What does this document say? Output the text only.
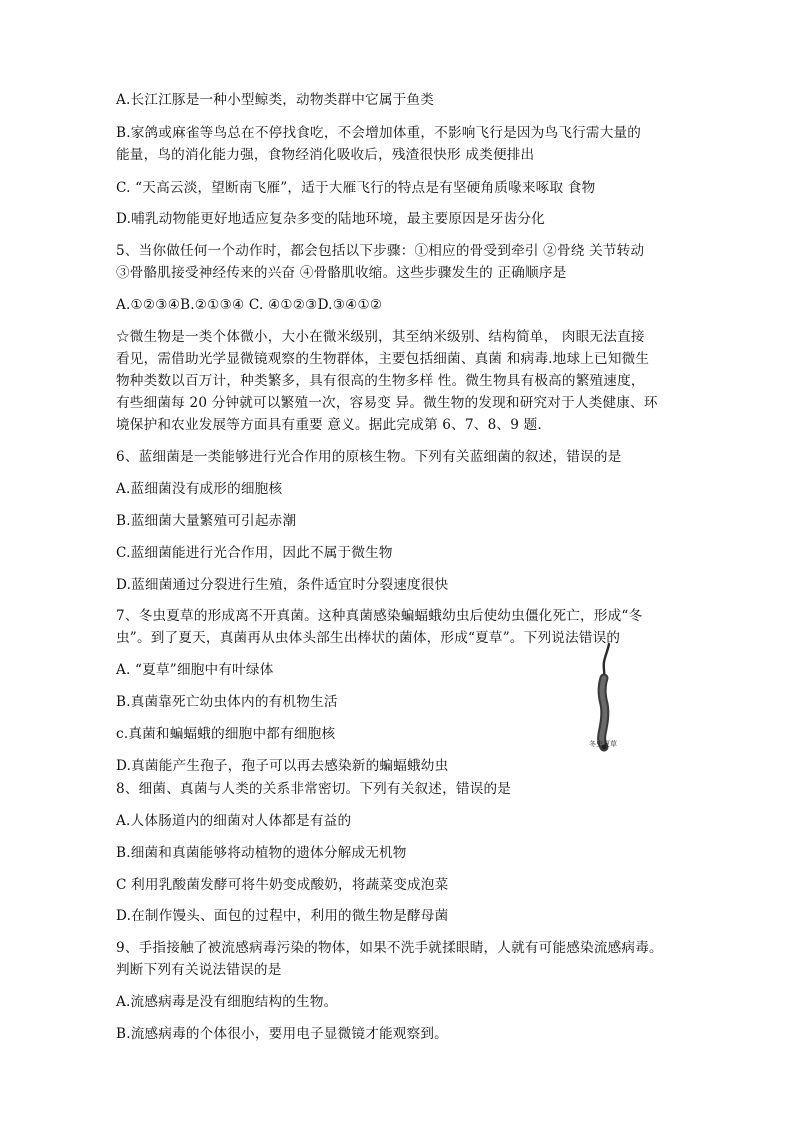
A.长江江豚是一种小型鲸类，动物类群中它属于鱼类
B.家鸽或麻雀等鸟总在不停找食吃，不会增加体重，不影响飞行是因为鸟飞行需大量的
能量，鸟的消化能力强，食物经消化吸收后，残渣很快形 成类便排出
C. “天高云淡，望断南飞雁”，适于大雁飞行的特点是有坚硬角质喙来啄取 食物
D.哺乳动物能更好地适应复杂多变的陆地环境，最主要原因是牙齿分化
5、当你做任何一个动作时，都会包括以下步骤：①相应的骨受到牵引 ②骨绕 关节转动
③骨骼肌接受神经传来的兴奋 ④骨骼肌收缩。这些步骤发生的 正确顺序是
A.①②③④B.②①③④ C. ④①②③D.③④①②
☆微生物是一类个体微小，大小在微米级别，其至纳米级别、结构简单， 肉眼无法直接
看见，需借助光学显微镜观察的生物群体，主要包括细菌、真菌 和病毒.地球上已知微生
物种类数以百万计，种类繁多，具有很高的生物多样 性。微生物具有极高的繁殖速度，
有些细菌每 20 分钟就可以繁殖一次，容易变 异。微生物的发现和研究对于人类健康、环
境保护和农业发展等方面具有重要 意义。据此完成第 6、7、8、9 题.
6、蓝细菌是一类能够进行光合作用的原核生物。下列有关蓝细菌的叙述，错误的是
A.蓝细菌没有成形的细胞核
B.蓝细菌大量繁殖可引起赤潮
C.蓝细菌能进行光合作用，因此不属于微生物
D.蓝细菌通过分裂进行生殖，条件适宜时分裂速度很快
7、冬虫夏草的形成离不开真菌。这种真菌感染蝙蝠蛾幼虫后使幼虫僵化死亡，形成“冬
虫”。到了夏天，真菌再从虫体头部生出棒状的菌体，形成“夏草”。下列说法错误的
A. “夏草”细胞中有叶绿体
B.真菌靠死亡幼虫体内的有机物生活
c.真菌和蝙蝠蛾的细胞中都有细胞核
D.真菌能产生孢子，孢子可以再去感染新的蝙蝠蛾幼虫
冬虫夏草
8、细菌、真菌与人类的关系非常密切。下列有关叙述，错误的是
A.人体肠道内的细菌对人体都是有益的
B.细菌和真菌能够将动植物的遗体分解成无机物
C 利用乳酸菌发酵可将牛奶变成酸奶，将蔬菜变成泡菜
D.在制作馒头、面包的过程中，利用的微生物是酵母菌
9、手指接触了被流感病毒污染的物体，如果不洗手就揉眼睛，人就有可能感染流感病毒。
判断下列有关说法错误的是
A.流感病毒是没有细胞结构的生物。
B.流感病毒的个体很小，要用电子显微镜才能观察到。
